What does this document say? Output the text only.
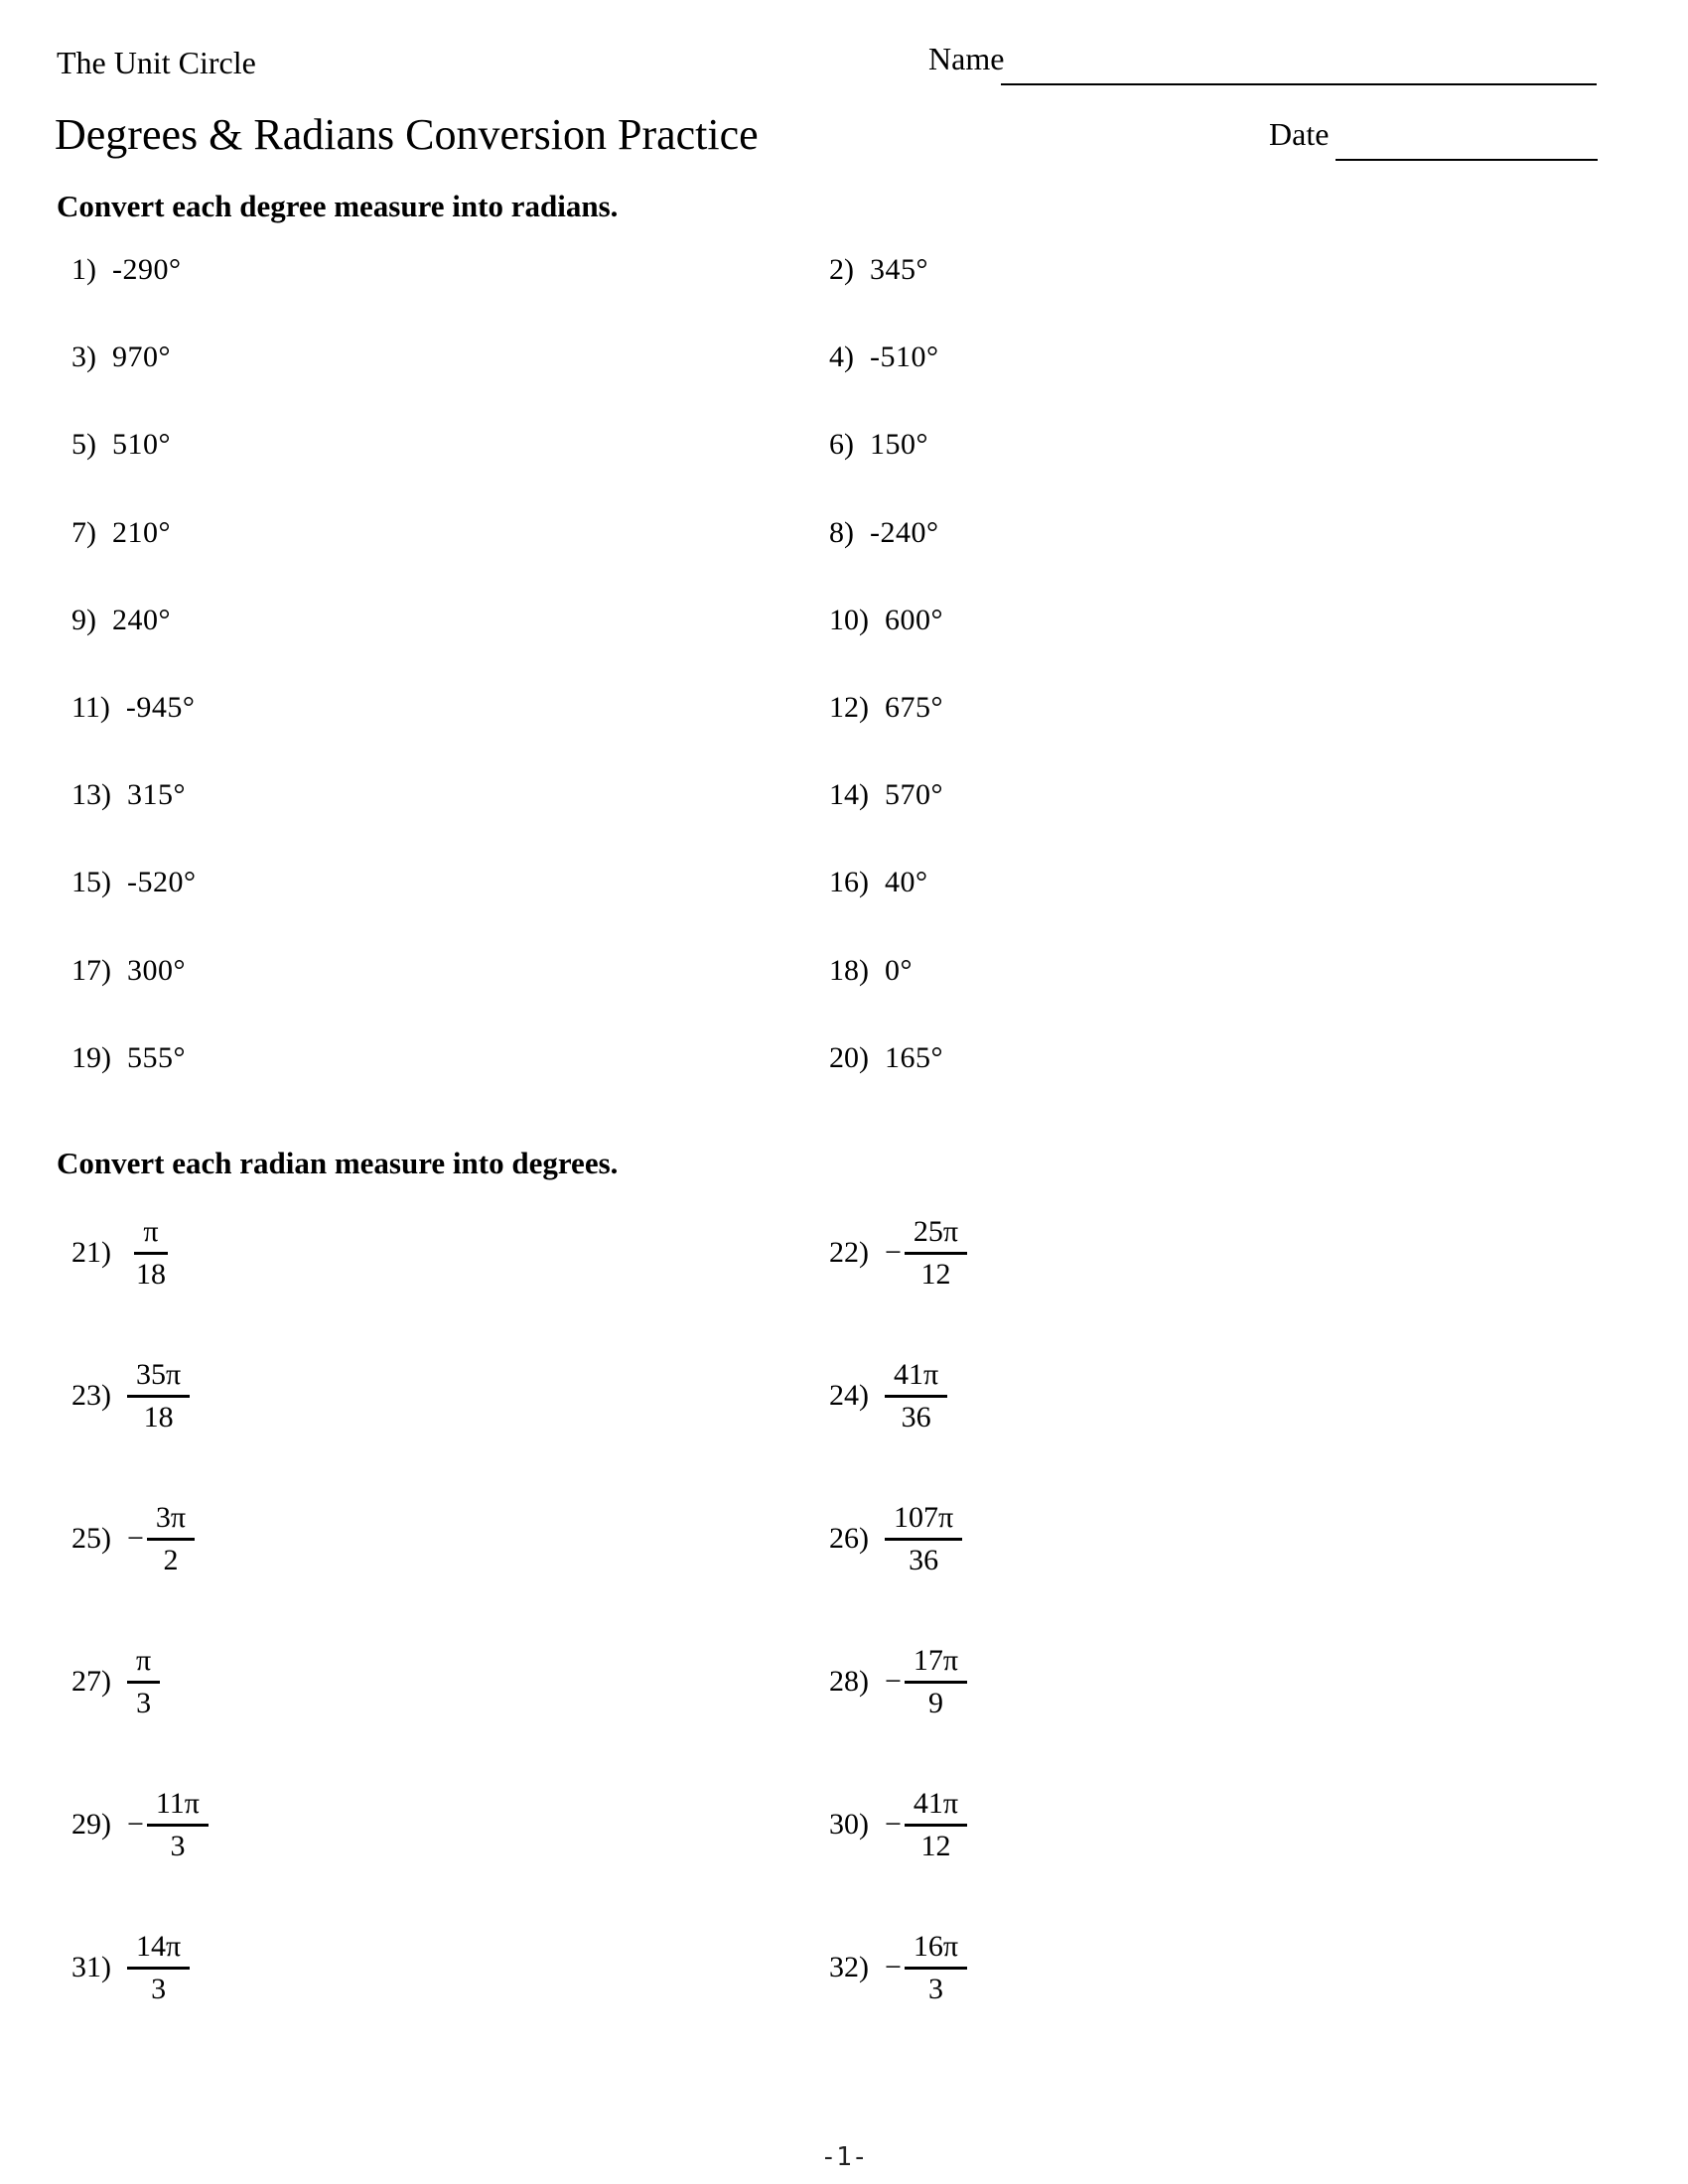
The Unit Circle	Name
Degrees & Radians Conversion Practice	Date
Convert each degree measure into radians.
Convert each radian measure into degrees.
1) -290°	2) 345°
3) 970°	4) -510°
5) 510°	6) 150°
7) 210°	8) -240°
9) 240°	10) 600°
11) -945°	12) 675°
13) 315°	14) 570°
15) -520°	16) 40°
17) 300°	18) 0°
19) 555°	20) 165°
$21) \frac{\pi}{18}$	$22) - \frac{25\pi}{12}$
$23) \frac{35\pi}{18}$	$24) \frac{41\pi}{36}$
$25) - \frac{3\pi}{2}$	$26) \frac{107\pi}{36}$
$27) \frac{\pi}{3}$	$28) - \frac{17\pi}{9}$
$29) - \frac{11\pi}{3}$	$30) - \frac{41\pi}{12}$
$31) \frac{14\pi}{3}$	$32) - \frac{16\pi}{3}$
-1-
